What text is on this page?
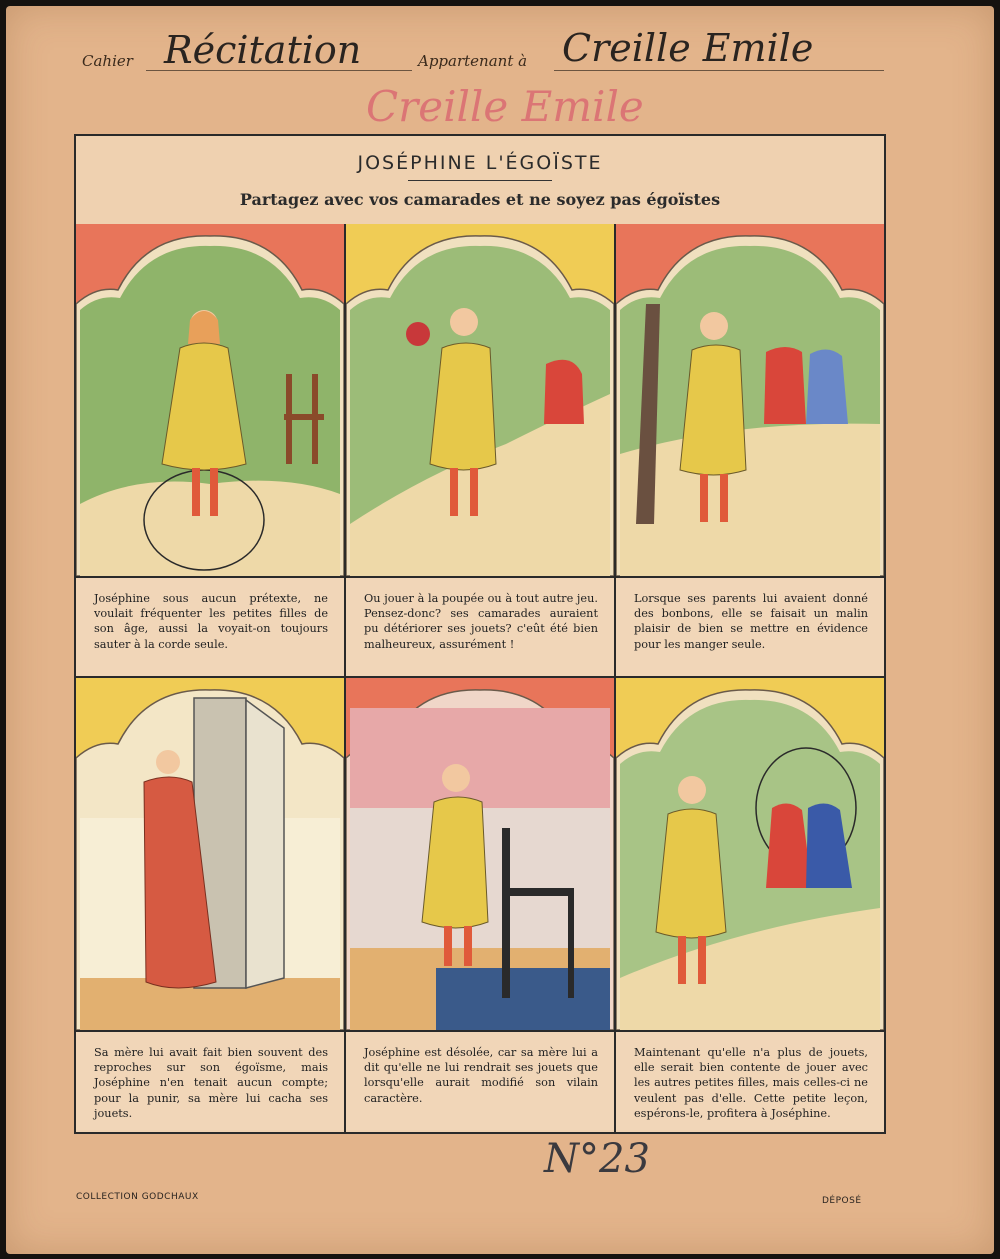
Cahier Récitation	Appartenant à Creille Emile
Creille Emile
JOSÉPHINE L'ÉGOÏSTE
Partagez avec vos camarades et ne soyez pas égoïstes
Joséphine sous aucun prétexte, ne voulait fréquenter les petites filles de son âge, aussi la voyait-on toujours sauter à la corde seule.
Ou jouer à la poupée ou à tout autre jeu. Pensez-donc? ses camarades auraient pu détériorer ses jouets? c'eût été bien malheureux, assurément !
Lorsque ses parents lui avaient donné des bonbons, elle se faisait un malin plaisir de bien se mettre en évidence pour les manger seule.
Sa mère lui avait fait bien souvent des reproches sur son égoïsme, mais Joséphine n'en tenait aucun compte; pour la punir, sa mère lui cacha ses jouets.
Joséphine est désolée, car sa mère lui a dit qu'elle ne lui rendrait ses jouets que lorsqu'elle aurait modifié son vilain caractère.
Maintenant qu'elle n'a plus de jouets, elle serait bien contente de jouer avec les autres petites filles, mais celles-ci ne veulent pas d'elle. Cette petite leçon, espérons-le, profitera à Joséphine.
N°23
COLLECTION GODCHAUX	DÉPOSÉ
